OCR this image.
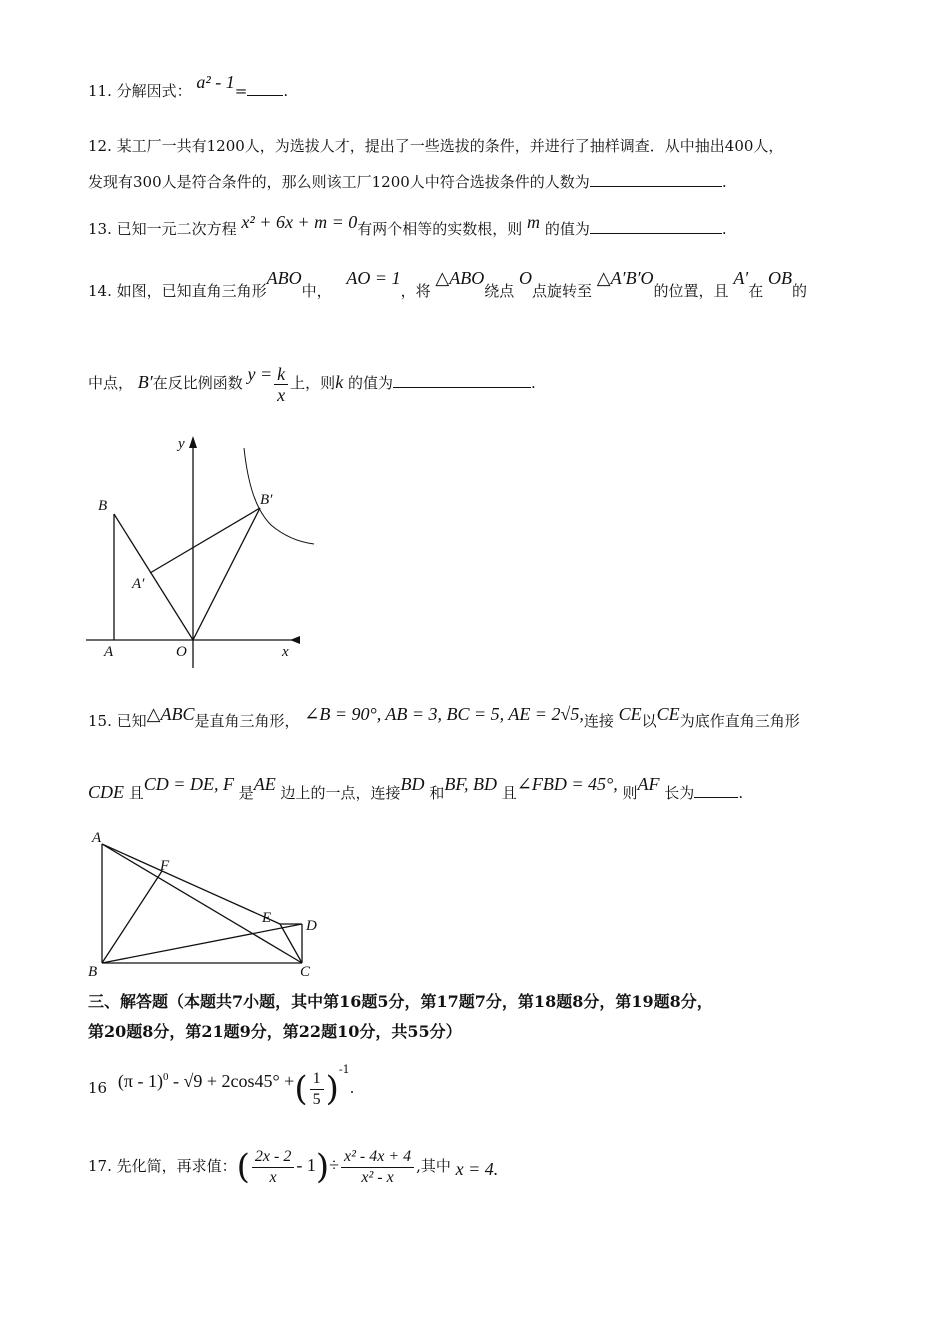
11. 分解因式： a² - 1= .
12. 某工厂一共有1200人，为选拔人才，提出了一些选拔的条件，并进行了抽样调查．从中抽出400人，
发现有300人是符合条件的，那么则该工厂1200人中符合选拔条件的人数为	.
13. 已知一元二次方程 x² + 6x + m = 0有两个相等的实数根，则 m 的值为	.
14. 如图，已知直角三角形ABO中， AO = 1，将 △ABO绕点 O点旋转至 △A′B′O的位置，且 A′在 OB的
中点， B′在反比例函数 $y = \frac{k}{x}$ 上，则k 的值为	.
y
x
B	B′
A′
A	O
15. 已知△ABC是直角三角形， ∠B = 90°, AB = 3, BC = 5, AE = 2√5,连接 CE以CE为底作直角三角形
CDE 且CD = DE, F 是AE 边上的一点，连接BD 和BF, BD 且∠FBD = 45°, 则AF 长为	.
A
F
E D
B	C
三、解答题（本题共7小题，其中第16题5分，第17题7分，第18题8分，第19题8分，
第20题8分，第21题9分，第22题10分，共55分）
16 (π - 1)$^0$ - √9 + 2cos45° +( $\frac{1}{5} )^{-1}$.
17. 先化简，再求值：( $\frac{2x - 2}{x} - 1)\div \frac{\text{x² - 4x + 4}}{\text{x² - x}}$ ,其中 x = 4.
